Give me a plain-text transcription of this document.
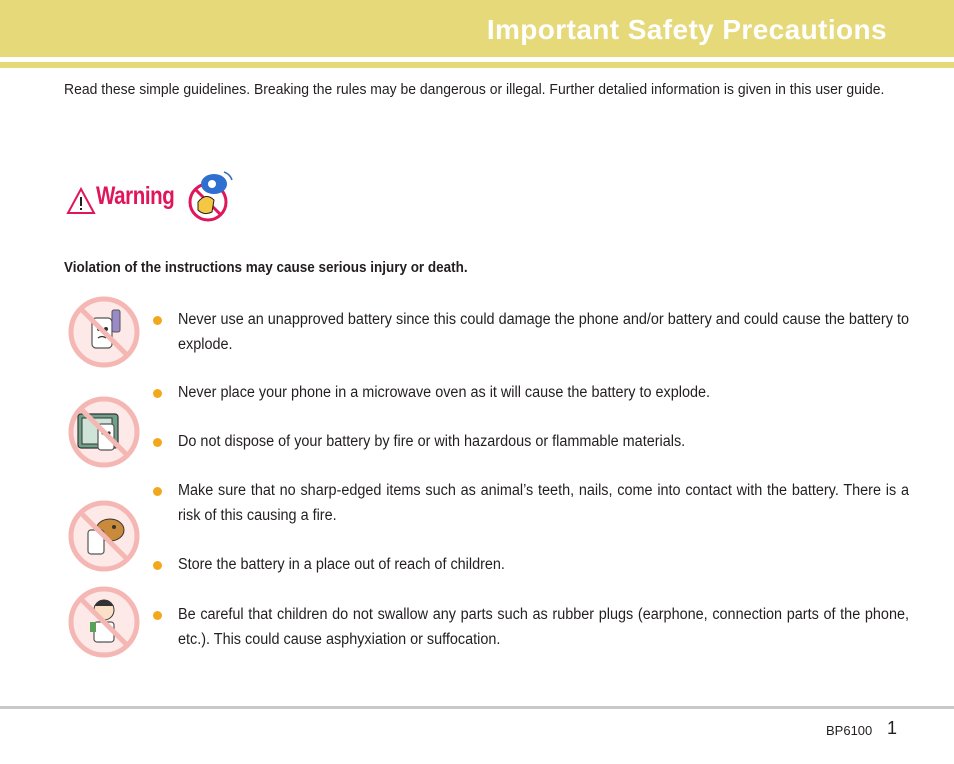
Important Safety Precautions
Read these simple guidelines. Breaking the rules may be dangerous or illegal. Further detalied information is given in this user guide.
Warning
Violation of the instructions may cause serious injury or death.
Never use an unapproved battery since this could damage the phone and/or battery and could cause the battery to explode.
Never place your phone in a microwave oven as it will cause the battery to explode.
Do not dispose of your battery by fire or with hazardous or flammable materials.
Make sure that no sharp-edged items such as animal’s teeth, nails, come into contact with the battery. There is a risk of this causing a fire.
Store the battery in a place out of reach of children.
Be careful that children do not swallow any parts such as rubber plugs (earphone, connection parts of the phone, etc.). This could cause asphyxiation or suffocation.
BP6100 1
